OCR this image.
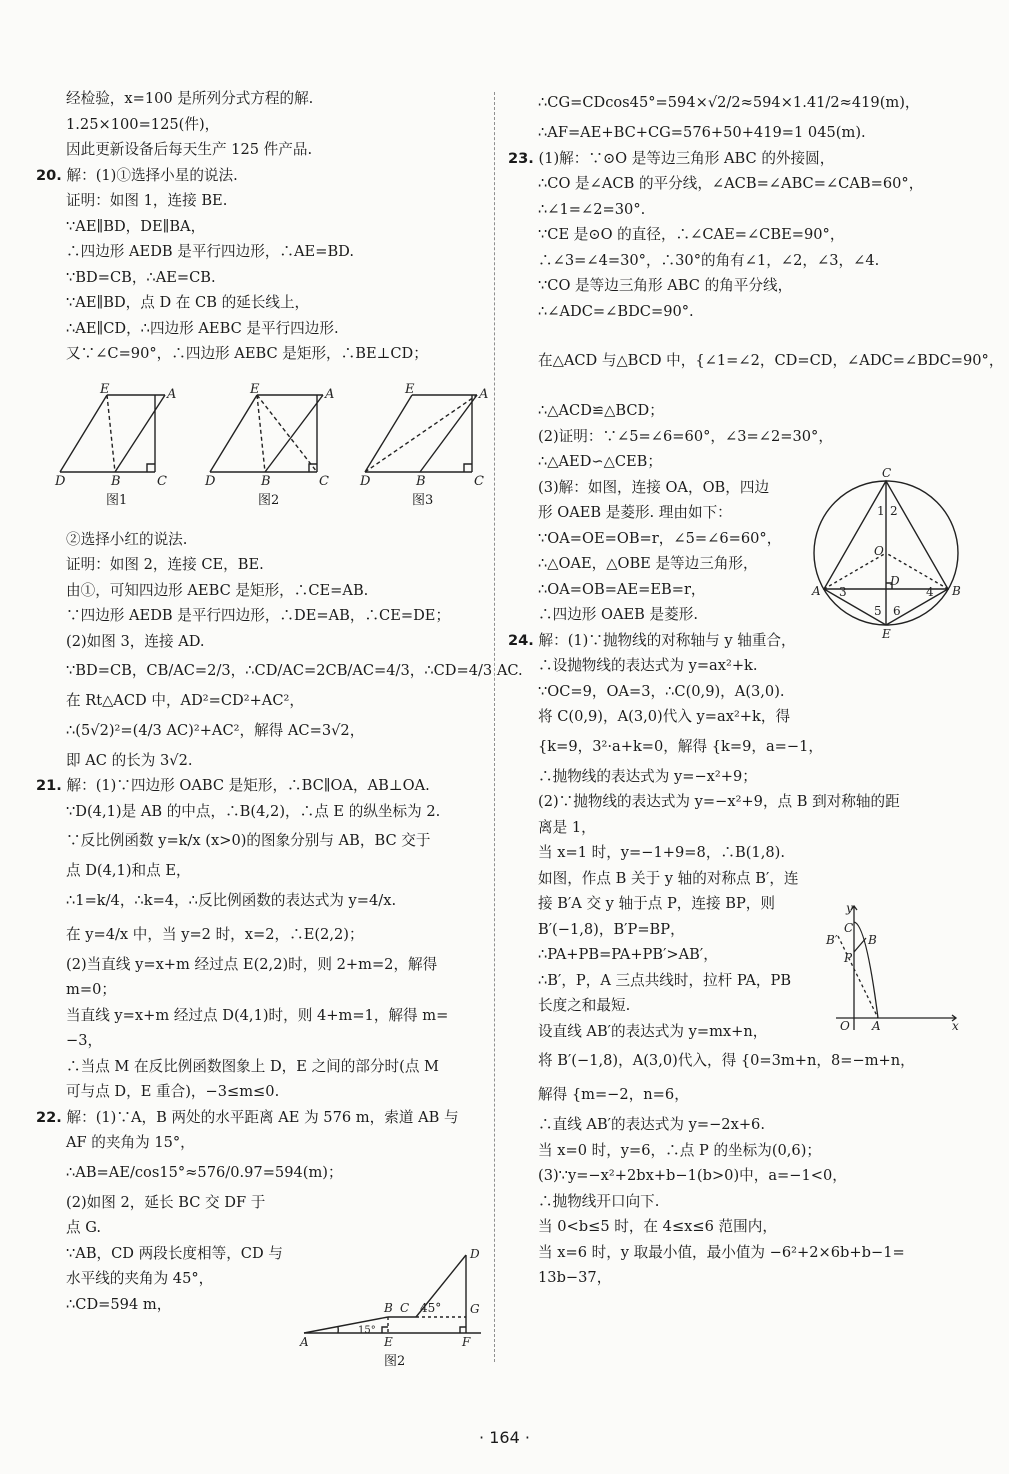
经检验，x=100 是所列分式方程的解.
1.25×100=125(件)，
因此更新设备后每天生产 125 件产品.
20. 解：(1)①选择小星的说法.
证明：如图 1，连接 BE.
∵AE∥BD，DE∥BA，
∴四边形 AEDB 是平行四边形，∴AE=BD.
∵BD=CB，∴AE=CB.
∵AE∥BD，点 D 在 CB 的延长线上，
∴AE∥CD，∴四边形 AEBC 是平行四边形.
又∵∠C=90°，∴四边形 AEBC 是矩形，∴BE⊥CD；
②选择小红的说法.
证明：如图 2，连接 CE，BE.
由①，可知四边形 AEBC 是矩形，∴CE=AB.
∵四边形 AEDB 是平行四边形，∴DE=AB，∴CE=DE；
(2)如图 3，连接 AD.
∵BD=CB，CB/AC=2/3，∴CD/AC=2CB/AC=4/3，∴CD=4/3 AC.
在 Rt△ACD 中，AD²=CD²+AC²，
∴(5√2)²=(4/3 AC)²+AC²，解得 AC=3√2，
即 AC 的长为 3√2.
21. 解：(1)∵四边形 OABC 是矩形，∴BC∥OA，AB⊥OA.
∵D(4,1)是 AB 的中点，∴B(4,2)，∴点 E 的纵坐标为 2.
∵反比例函数 y=k/x (x>0)的图象分别与 AB，BC 交于
点 D(4,1)和点 E，
∴1=k/4，∴k=4，∴反比例函数的表达式为 y=4/x.
在 y=4/x 中，当 y=2 时，x=2，∴E(2,2)；
(2)当直线 y=x+m 经过点 E(2,2)时，则 2+m=2，解得
m=0；
当直线 y=x+m 经过点 D(4,1)时，则 4+m=1，解得 m=
−3，
∴当点 M 在反比例函数图象上 D，E 之间的部分时(点 M
可与点 D，E 重合)，−3≤m≤0.
22. 解：(1)∵A，B 两处的水平距离 AE 为 576 m，索道 AB 与
AF 的夹角为 15°，
∴AB=AE/cos15°≈576/0.97=594(m)；
(2)如图 2，延长 BC 交 DF 于
点 G.
∵AB，CD 两段长度相等，CD 与
水平线的夹角为 45°，
∴CD=594 m，
D	B	C
E	A
D	B	C
E	A
D	B	C
E	A
图1	图2	图3
D
B C 45° G
15°
A	E	F
图2
∴CG=CDcos45°=594×√2/2≈594×1.41/2≈419(m)，
∴AF=AE+BC+CG=576+50+419=1 045(m).
23. (1)解：∵⊙O 是等边三角形 ABC 的外接圆，
∴CO 是∠ACB 的平分线，∠ACB=∠ABC=∠CAB=60°，
∴∠1=∠2=30°.
∵CE 是⊙O 的直径，∴∠CAE=∠CBE=90°，
∴∠3=∠4=30°，∴30°的角有∠1，∠2，∠3，∠4.
∵CO 是等边三角形 ABC 的角平分线，
∴∠ADC=∠BDC=90°.
在△ACD 与△BCD 中，{∠1=∠2，CD=CD，∠ADC=∠BDC=90°，
∴△ACD≌△BCD；
(2)证明：∵∠5=∠6=60°，∠3=∠2=30°，
∴△AED∽△CEB；
(3)解：如图，连接 OA，OB，四边
形 OAEB 是菱形. 理由如下：
∵OA=OE=OB=r，∠5=∠6=60°，
∴△OAE，△OBE 是等边三角形，
∴OA=OB=AE=EB=r，
∴四边形 OAEB 是菱形.
24. 解：(1)∵抛物线的对称轴与 y 轴重合，
∴设抛物线的表达式为 y=ax²+k.
∵OC=9，OA=3，∴C(0,9)，A(3,0).
将 C(0,9)，A(3,0)代入 y=ax²+k，得
{k=9，3²·a+k=0，解得 {k=9，a=−1，
∴抛物线的表达式为 y=−x²+9；
(2)∵抛物线的表达式为 y=−x²+9，点 B 到对称轴的距
离是 1，
当 x=1 时，y=−1+9=8，∴B(1,8).
如图，作点 B 关于 y 轴的对称点 B′，连
接 B′A 交 y 轴于点 P，连接 BP，则
B′(−1,8)，B′P=BP，
∴PA+PB=PA+PB′>AB′，
∴B′，P，A 三点共线时，拉杆 PA，PB
长度之和最短.
设直线 AB′的表达式为 y=mx+n，
将 B′(−1,8)，A(3,0)代入，得 {0=3m+n，8=−m+n，
解得 {m=−2，n=6，
∴直线 AB′的表达式为 y=−2x+6.
当 x=0 时，y=6，∴点 P 的坐标为(0,6)；
(3)∵y=−x²+2bx+b−1(b>0)中，a=−1<0，
∴抛物线开口向下.
当 0<b≤5 时，在 4≤x≤6 范围内，
当 x=6 时，y 取最小值，最小值为 −6²+2×6b+b−1=
13b−37，
C
1 2
O
D
A 3	4 B
5 6
E
y
C
B′	B
P
O A	x
· 164 ·
